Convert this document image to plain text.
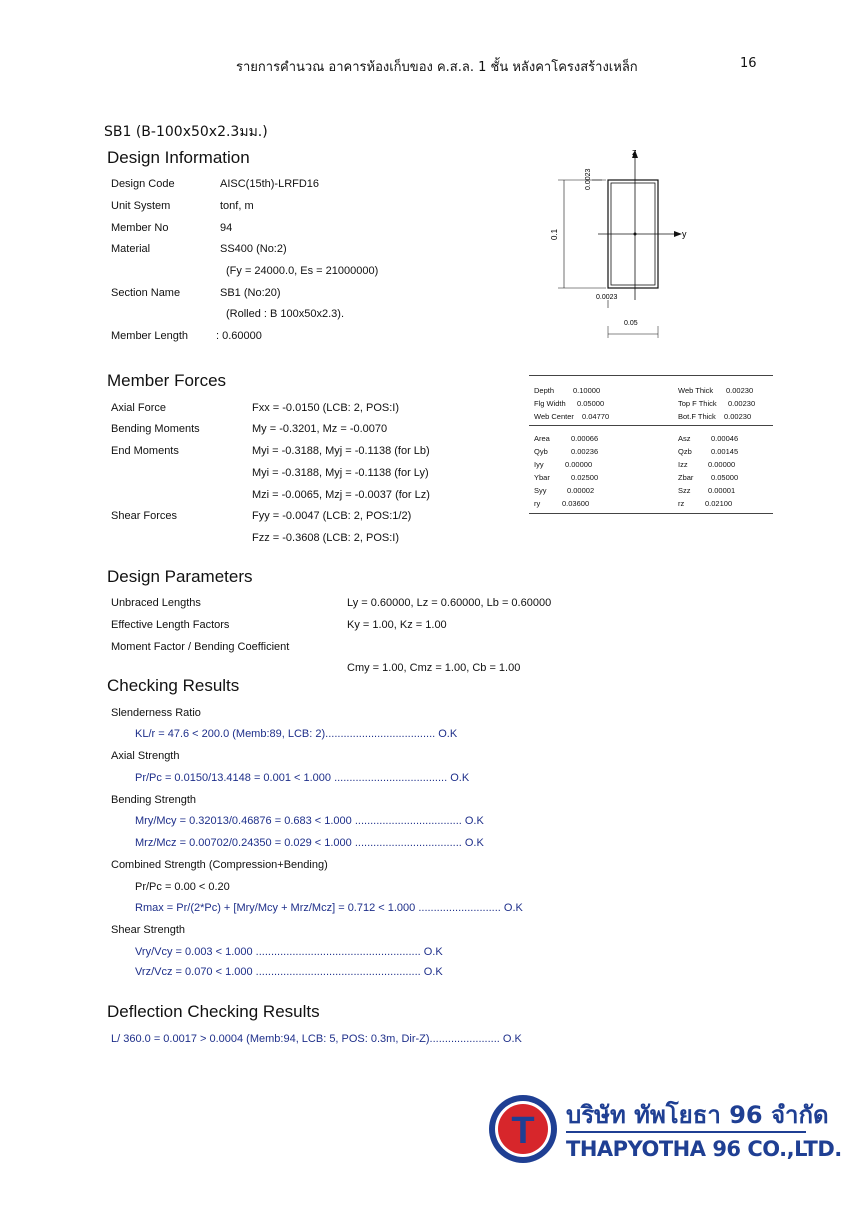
รายการคำนวณ อาคารห้องเก็บของ ค.ส.ล. 1 ชั้น หลังคาโครงสร้างเหล็ก	16
SB1 (B-100x50x2.3มม.)
Design Information
Design Code	AISC(15th)-LRFD16
Unit System	tonf, m
Member No	94
Material	SS400 (No:2)
(Fy = 24000.0, Es = 21000000)
Section Name	SB1 (No:20)
(Rolled : B 100x50x2.3).
Member Length	: 0.60000
z
y
0.1
0.0023
0.0023
0.05
Member Forces
Axial Force	Fxx = -0.0150 (LCB: 2, POS:I)
Bending Moments	My = -0.3201, Mz = -0.0070
End Moments	Myi = -0.3188, Myj = -0.1138 (for Lb)
Myi = -0.3188, Myj = -0.1138 (for Ly)
Mzi = -0.0065, Mzj = -0.0037 (for Lz)
Shear Forces	Fyy = -0.0047 (LCB: 2, POS:1/2)
Fzz = -0.3608 (LCB: 2, POS:I)
Depth	0.10000	Web Thick 0.00230
Flg Width 0.05000	Top F Thick 0.00230
Web Center 0.04770	Bot.F Thick 0.00230
Area	0.00066	Asz	0.00046
Qyb	0.00236	Qzb	0.00145
Iyy	0.00000	Izz	0.00000
Ybar	0.02500	Zbar 0.05000
Syy	0.00002	Szz 0.00001
ry	0.03600	rz	0.02100
Design Parameters
Unbraced Lengths	Ly = 0.60000, Lz = 0.60000, Lb = 0.60000
Effective Length Factors	Ky = 1.00, Kz = 1.00
Moment Factor / Bending Coefficient
Cmy = 1.00, Cmz = 1.00, Cb = 1.00
Checking Results
Slenderness Ratio
KL/r = 47.6 < 200.0 (Memb:89, LCB: 2).................................... O.K
Axial Strength
Pr/Pc = 0.0150/13.4148 = 0.001 < 1.000 ..................................... O.K
Bending Strength
Mry/Mcy = 0.32013/0.46876 = 0.683 < 1.000 ................................... O.K
Mrz/Mcz = 0.00702/0.24350 = 0.029 < 1.000 ................................... O.K
Combined Strength (Compression+Bending)
Pr/Pc = 0.00 < 0.20
Rmax = Pr/(2*Pc) + [Mry/Mcy + Mrz/Mcz] = 0.712 < 1.000 ........................... O.K
Shear Strength
Vry/Vcy = 0.003 < 1.000 ...................................................... O.K
Vrz/Vcz = 0.070 < 1.000 ...................................................... O.K
Deflection Checking Results
L/ 360.0 = 0.0017 > 0.0004 (Memb:94, LCB: 5, POS: 0.3m, Dir-Z)....................... O.K
T บริษัท ทัพโยธา 96 จำกัด
THAPYOTHA 96 CO.,LTD.
